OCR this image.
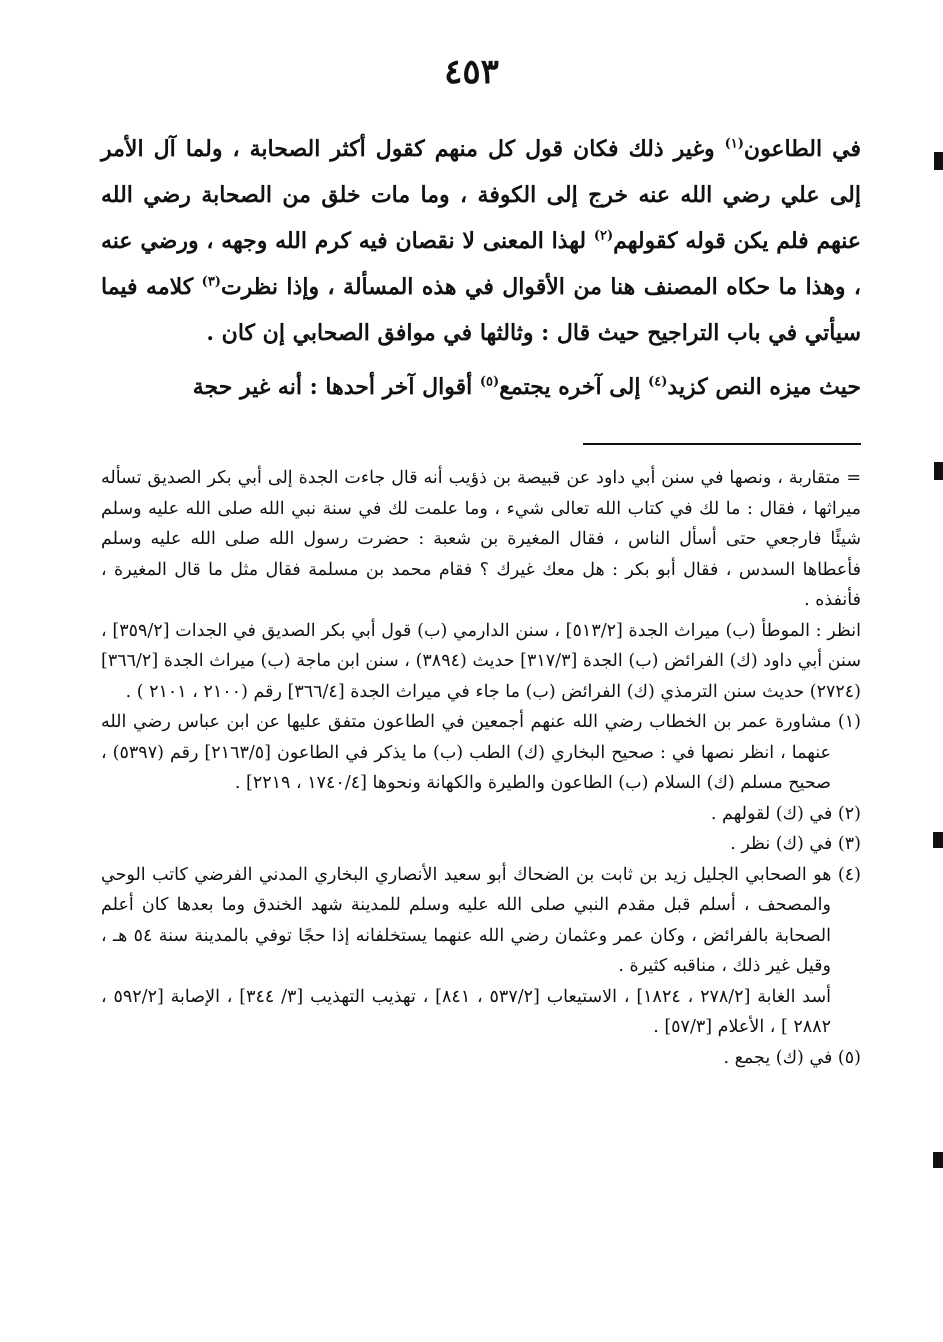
٤٥٣

في الطاعون$^{(١)}$ وغير ذلك فكان قول كل منهم كقول أكثر الصحابة ، ولما آل الأمر إلى علي رضي الله عنه خرج إلى الكوفة ، وما مات خلق من الصحابة رضي الله عنهم فلم يكن قوله كقولهم$^{(٢)}$ لهذا المعنى لا نقصان فيه كرم الله وجهه ، ورضي عنه ، وهذا ما حكاه المصنف هنا من الأقوال في هذه المسألة ، وإذا نظرت$^{(٣)}$ كلامه فيما سيأتي في باب التراجيح حيث قال : وثالثها في موافق الصحابي إن كان .

حيث ميزه النص كزيد$^{(٤)}$ إلى آخره يجتمع$^{(٥)}$ أقوال آخر أحدها : أنه غير حجة

= متقاربة ، ونصها في سنن أبي داود عن قبيصة بن ذؤيب أنه قال جاءت الجدة إلى أبي بكر الصديق تسأله ميراثها ، فقال : ما لك في كتاب الله تعالى شيء ، وما علمت لك في سنة نبي الله صلى الله عليه وسلم شيئًا فارجعي حتى أسأل الناس ، فقال المغيرة بن شعبة : حضرت رسول الله صلى الله عليه وسلم فأعطاها السدس ، فقال أبو بكر : هل معك غيرك ؟ فقام محمد بن مسلمة فقال مثل ما قال المغيرة ، فأنفذه .

انظر : الموطأ (ب) ميراث الجدة [٥١٣/٢] ، سنن الدارمي (ب) قول أبي بكر الصديق في الجدات [٣٥٩/٢] ، سنن أبي داود (ك) الفرائض (ب) الجدة [٣١٧/٣] حديث (٣٨٩٤) ، سنن ابن ماجة (ب) ميراث الجدة [٣٦٦/٢] (٢٧٢٤) حديث سنن الترمذي (ك) الفرائض (ب) ما جاء في ميراث الجدة [٣٦٦/٤] رقم (٢١٠٠ ، ٢١٠١ ) .

(١) مشاورة عمر بن الخطاب رضي الله عنهم أجمعين في الطاعون متفق عليها عن ابن عباس رضي الله عنهما ، انظر نصها في : صحيح البخاري (ك) الطب (ب) ما يذكر في الطاعون [٢١٦٣/٥] رقم (٥٣٩٧) ، صحيح مسلم (ك) السلام (ب) الطاعون والطيرة والكهانة ونحوها [١٧٤٠/٤ ، ٢٢١٩] .

(٢) في (ك) لقولهم .

(٣) في (ك) نظر .

(٤) هو الصحابي الجليل زيد بن ثابت بن الضحاك أبو سعيد الأنصاري البخاري المدني الفرضي كاتب الوحي والمصحف ، أسلم قبل مقدم النبي صلى الله عليه وسلم للمدينة شهد الخندق وما بعدها كان أعلم الصحابة بالفرائض ، وكان عمر وعثمان رضي الله عنهما يستخلفانه إذا حجًا توفي بالمدينة سنة ٥٤ هـ ، وقيل غير ذلك ، مناقبه كثيرة .

أسد الغابة [٢٧٨/٢ ، ١٨٢٤] ، الاستيعاب [٥٣٧/٢ ، ٨٤١] ، تهذيب التهذيب [٣/ ٣٤٤] ، الإصابة [٥٩٢/٢ ، ٢٨٨٢ ] ، الأعلام [٥٧/٣] .

(٥) في (ك) يجمع .
